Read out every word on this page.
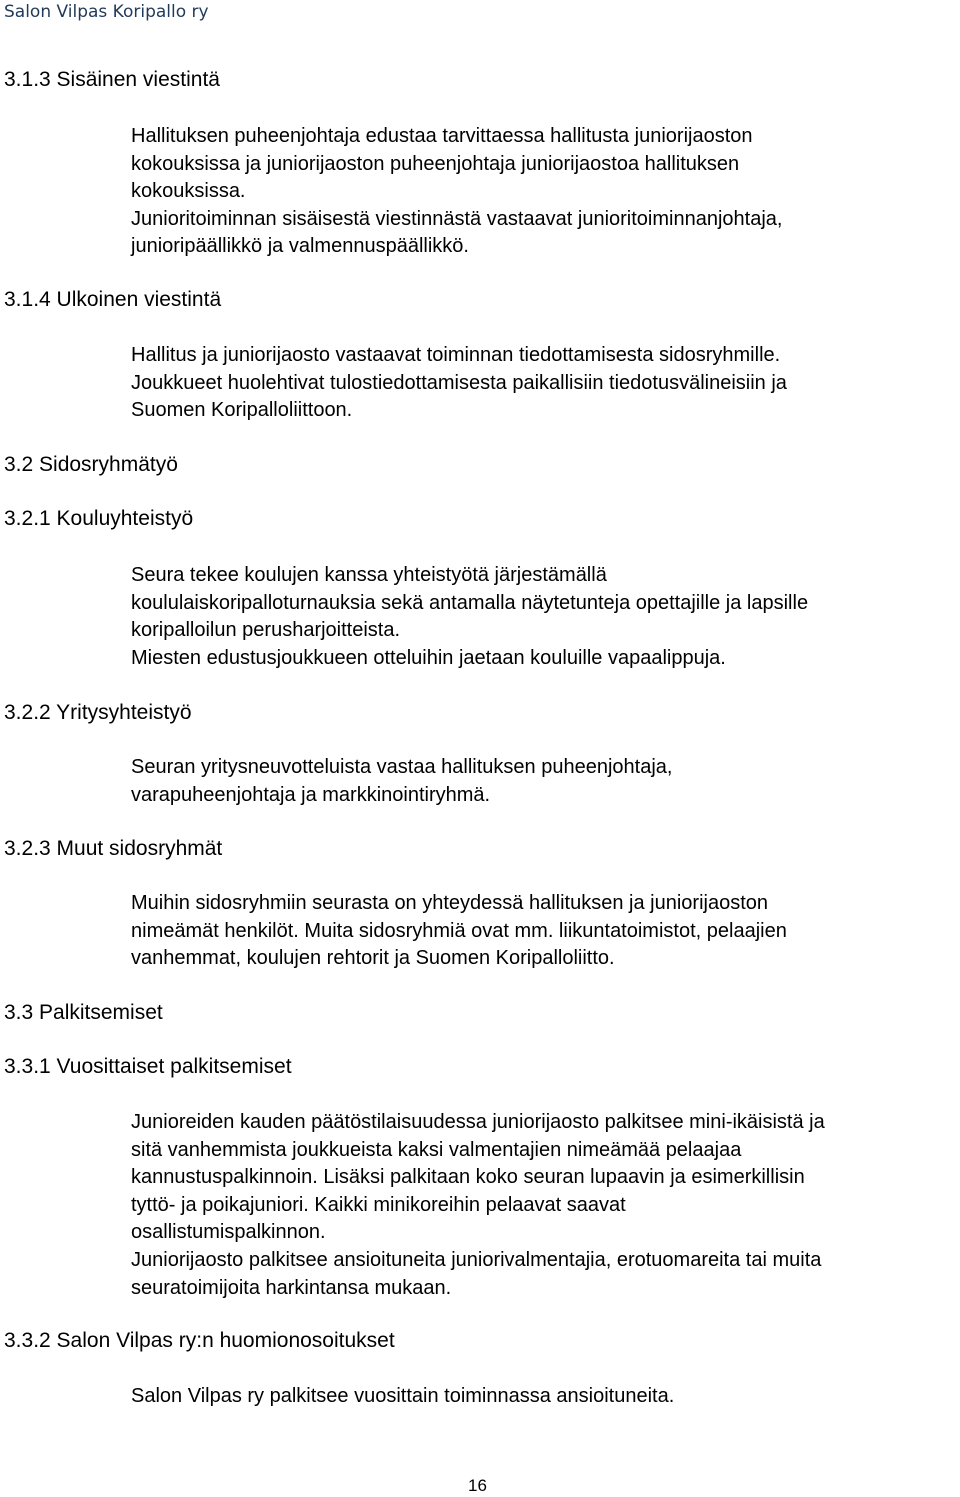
Salon Vilpas Koripallo ry
3.1.3 Sisäinen viestintä
Hallituksen puheenjohtaja edustaa tarvittaessa hallitusta juniorijaoston
kokouksissa ja juniorijaoston puheenjohtaja juniorijaostoa hallituksen
kokouksissa.
Junioritoiminnan sisäisestä viestinnästä vastaavat junioritoiminnanjohtaja,
junioripäällikkö ja valmennuspäällikkö.
3.1.4 Ulkoinen viestintä
Hallitus ja juniorijaosto vastaavat toiminnan tiedottamisesta sidosryhmille.
Joukkueet huolehtivat tulostiedottamisesta paikallisiin tiedotusvälineisiin ja
Suomen Koripalloliittoon.
3.2 Sidosryhmätyö
3.2.1 Kouluyhteistyö
Seura tekee koulujen kanssa yhteistyötä järjestämällä
koululaiskoripalloturnauksia sekä antamalla näytetunteja opettajille ja lapsille
koripalloilun perusharjoitteista.
Miesten edustusjoukkueen otteluihin jaetaan kouluille vapaalippuja.
3.2.2 Yritysyhteistyö
Seuran yritysneuvotteluista vastaa hallituksen puheenjohtaja,
varapuheenjohtaja ja markkinointiryhmä.
3.2.3 Muut sidosryhmät
Muihin sidosryhmiin seurasta on yhteydessä hallituksen ja juniorijaoston
nimeämät henkilöt. Muita sidosryhmiä ovat mm. liikuntatoimistot, pelaajien
vanhemmat, koulujen rehtorit ja Suomen Koripalloliitto.
3.3 Palkitsemiset
3.3.1 Vuosittaiset palkitsemiset
Junioreiden kauden päätöstilaisuudessa juniorijaosto palkitsee mini-ikäisistä ja
sitä vanhemmista joukkueista kaksi valmentajien nimeämää pelaajaa
kannustuspalkinnoin. Lisäksi palkitaan koko seuran lupaavin ja esimerkillisin
tyttö- ja poikajuniori. Kaikki minikoreihin pelaavat saavat
osallistumispalkinnon.
Juniorijaosto palkitsee ansioituneita juniorivalmentajia, erotuomareita tai muita
seuratoimijoita harkintansa mukaan.
3.3.2 Salon Vilpas ry:n huomionosoitukset
Salon Vilpas ry palkitsee vuosittain toiminnassa ansioituneita.
16
